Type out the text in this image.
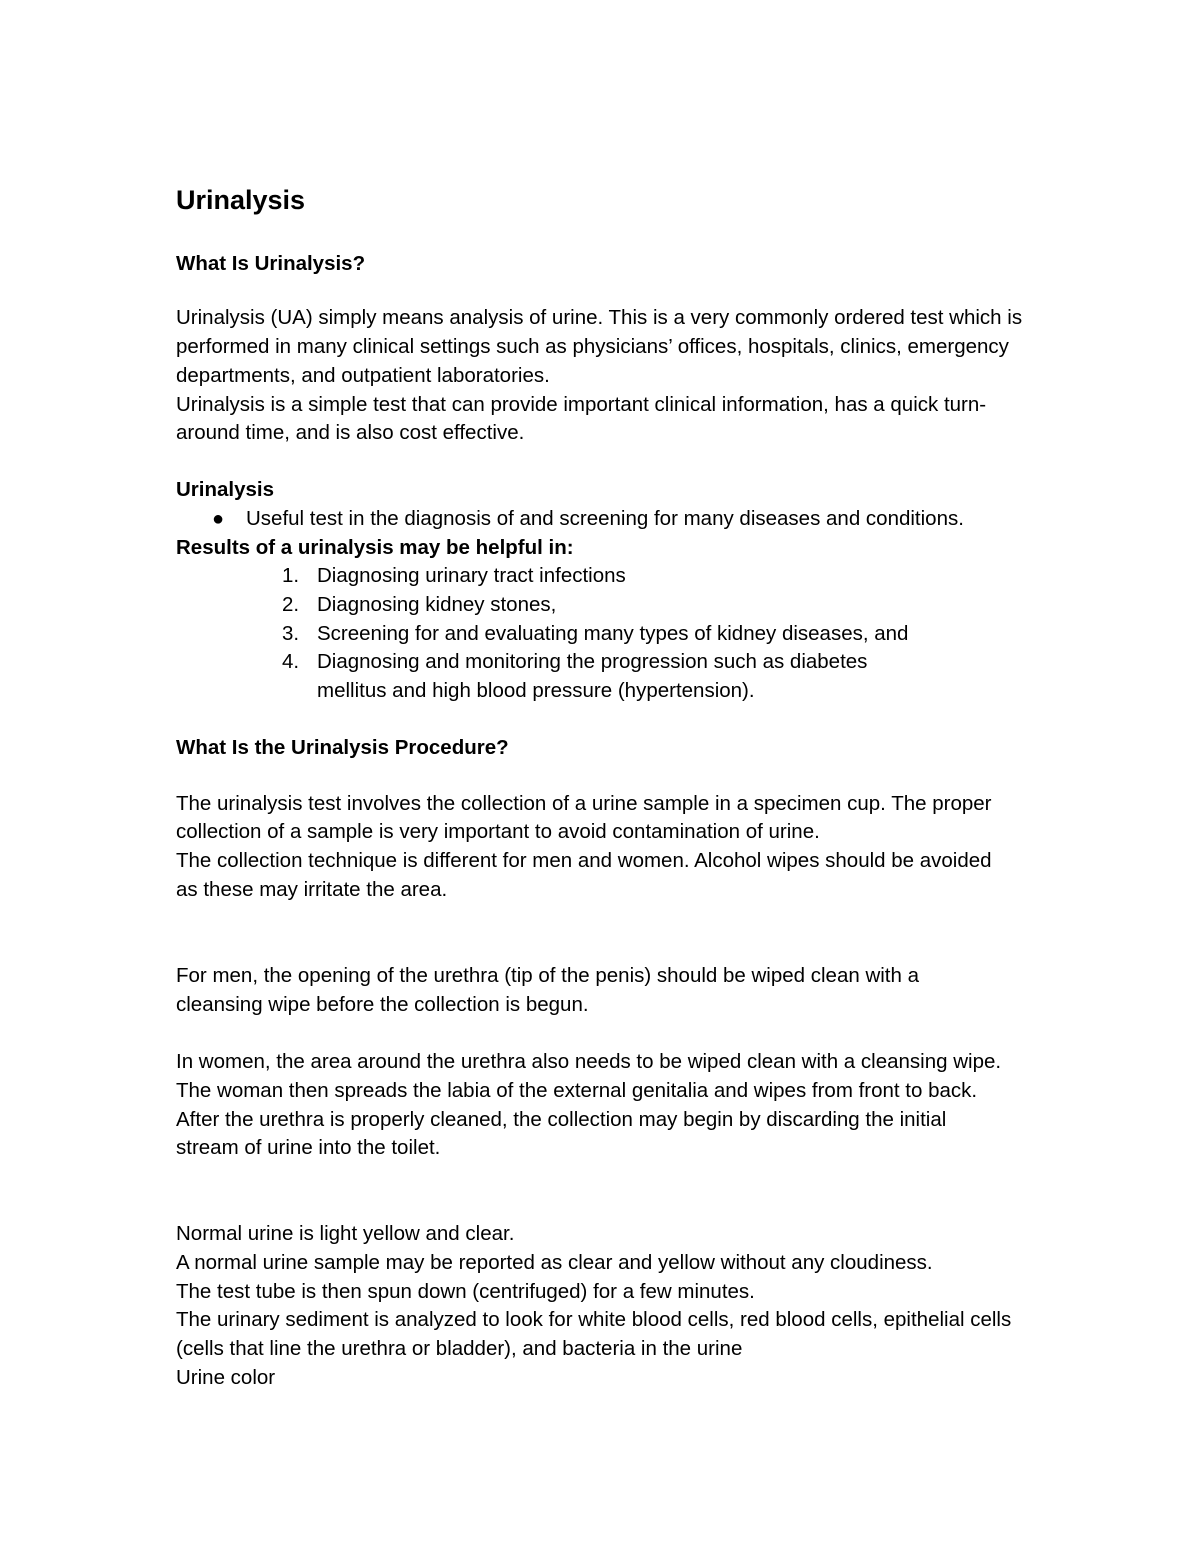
Urinalysis
What Is Urinalysis?
Urinalysis (UA) simply means analysis of urine. This is a very commonly ordered test which is
performed in many clinical settings such as physicians’ offices, hospitals, clinics, emergency
departments, and outpatient laboratories.
Urinalysis is a simple test that can provide important clinical information, has a quick turn-
around time, and is also cost effective.
Urinalysis
● Useful test in the diagnosis of and screening for many diseases and conditions.
Results of a urinalysis may be helpful in:
1. Diagnosing urinary tract infections
2. Diagnosing kidney stones,
3. Screening for and evaluating many types of kidney diseases, and
4. Diagnosing and monitoring the progression such as diabetes
mellitus and high blood pressure (hypertension).
What Is the Urinalysis Procedure?
The urinalysis test involves the collection of a urine sample in a specimen cup. The proper
collection of a sample is very important to avoid contamination of urine.
The collection technique is different for men and women. Alcohol wipes should be avoided
as these may irritate the area.
For men, the opening of the urethra (tip of the penis) should be wiped clean with a
cleansing wipe before the collection is begun.
In women, the area around the urethra also needs to be wiped clean with a cleansing wipe.
The woman then spreads the labia of the external genitalia and wipes from front to back.
After the urethra is properly cleaned, the collection may begin by discarding the initial
stream of urine into the toilet.
Normal urine is light yellow and clear.
A normal urine sample may be reported as clear and yellow without any cloudiness.
The test tube is then spun down (centrifuged) for a few minutes.
The urinary sediment is analyzed to look for white blood cells, red blood cells, epithelial cells
(cells that line the urethra or bladder), and bacteria in the urine
Urine color
